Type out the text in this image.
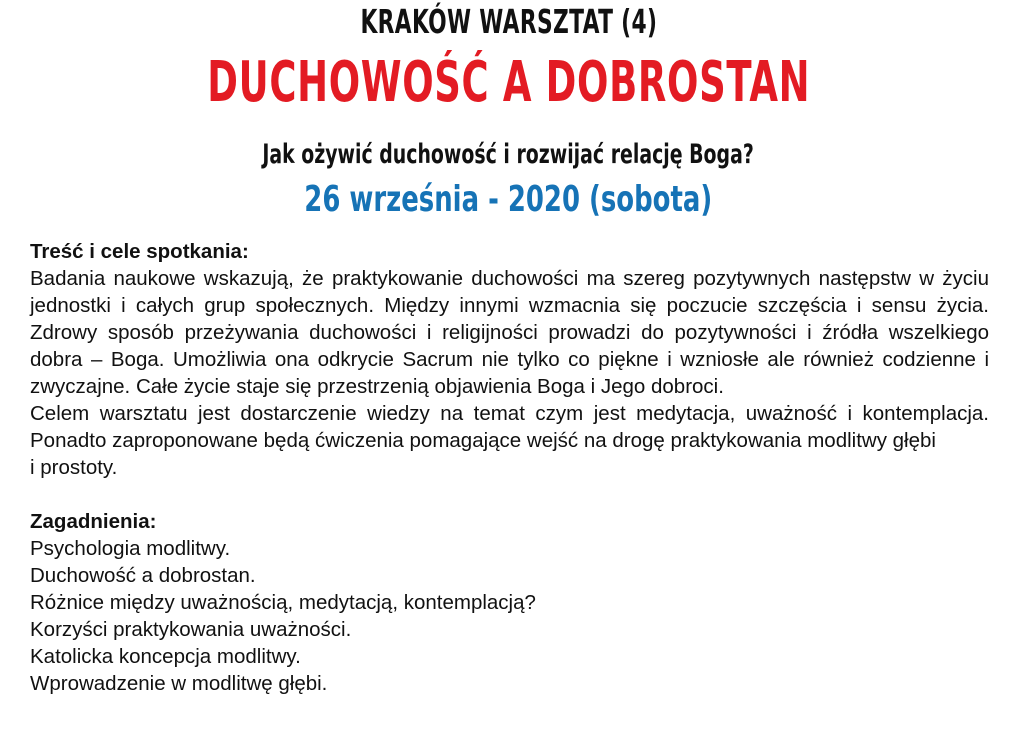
KRAKÓW WARSZTAT (4)
DUCHOWOŚĆ A DOBROSTAN
Jak ożywić duchowość i rozwijać relację Boga?
26 września - 2020 (sobota)

Treść i cele spotkania:

Badania naukowe wskazują, że praktykowanie duchowości ma szereg pozytywnych następstw w życiu jednostki i całych grup społecznych. Między innymi wzmacnia się poczucie szczęścia i sensu życia. Zdrowy sposób przeżywania duchowości i religijności prowadzi do pozytywności i źródła wszelkiego dobra – Boga. Umożliwia ona odkrycie Sacrum nie tylko co piękne i wzniosłe ale również codzienne i zwyczajne. Całe życie staje się przestrzenią objawienia Boga i Jego dobroci.

Celem warsztatu jest dostarczenie wiedzy na temat czym jest medytacja, uważność i kontemplacja. Ponadto zaproponowane będą ćwiczenia pomagające wejść na drogę praktykowania modlitwy głębi

i prostoty.

Zagadnienia:

Psychologia modlitwy.
Duchowość a dobrostan.
Różnice między uważnością, medytacją, kontemplacją?
Korzyści praktykowania uważności.
Katolicka koncepcja modlitwy.
Wprowadzenie w modlitwę głębi.
